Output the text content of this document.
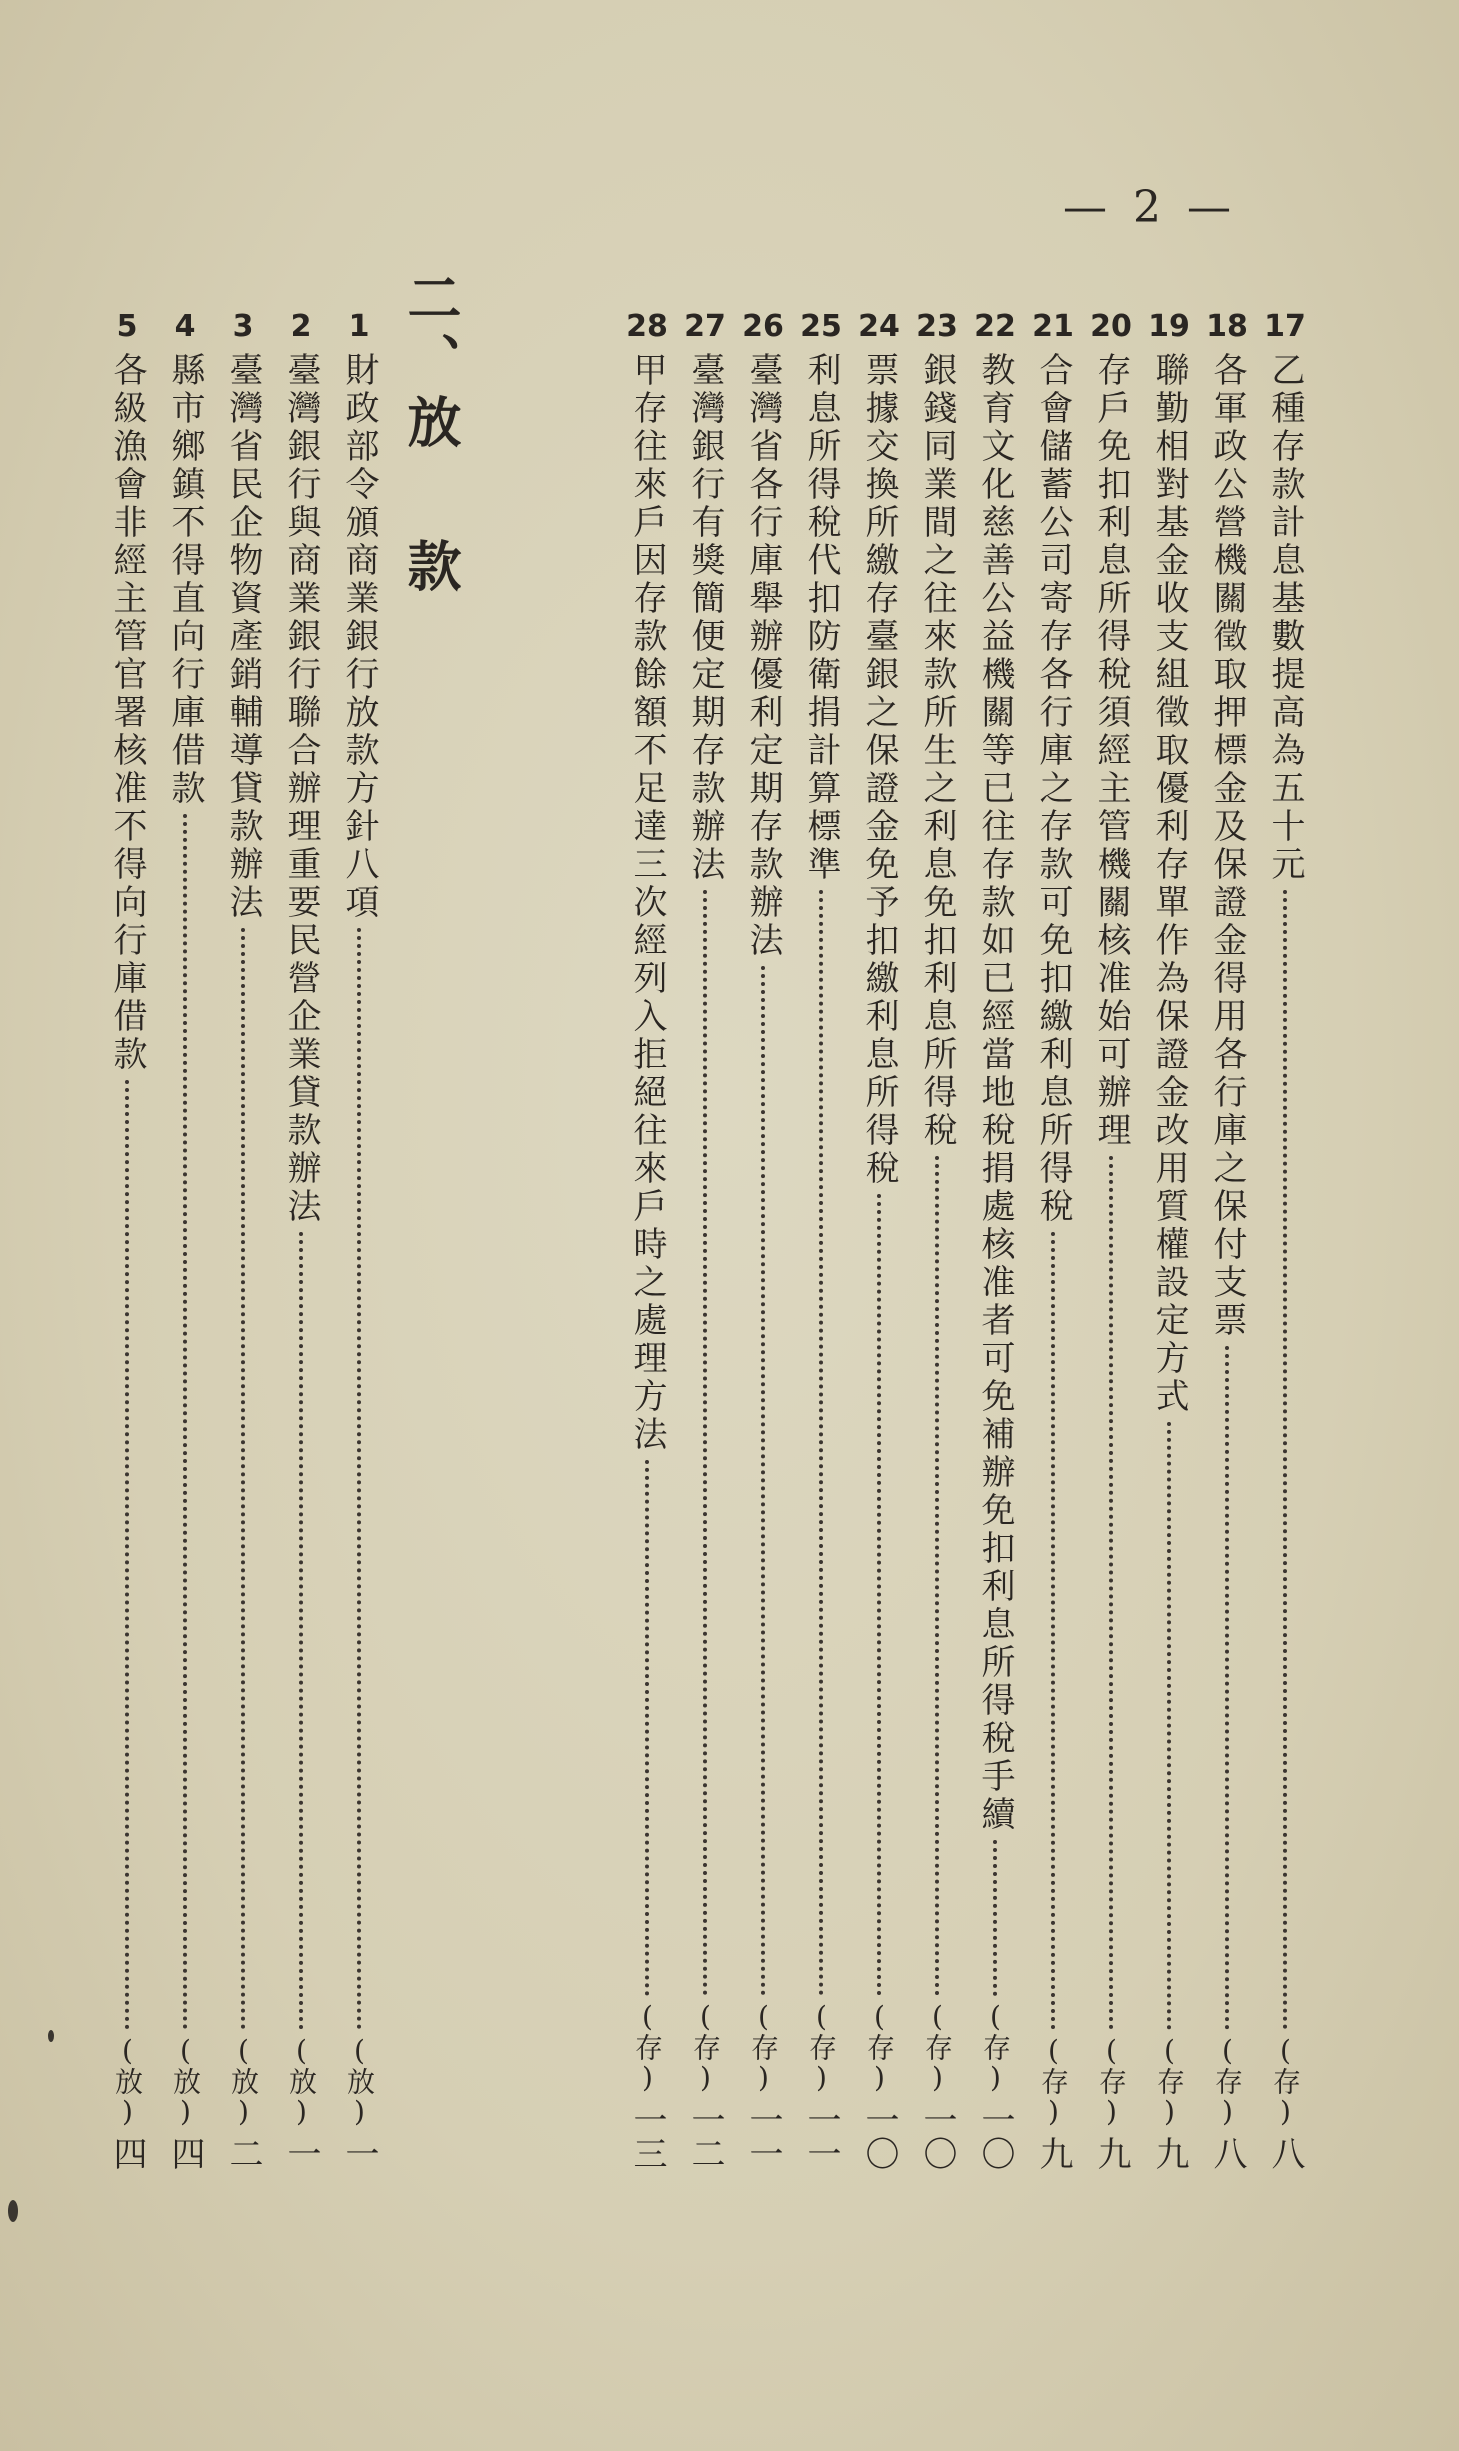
— 2 —
17
乙種存款計息基數提高為五十元
(存)
八
18
各軍政公營機關徵取押標金及保證金得用各行庫之保付支票
(存)
八
19
聯勤相對基金收支組徵取優利存單作為保證金改用質權設定方式
(存)
九
20
存戶免扣利息所得稅須經主管機關核准始可辦理
(存)
九
21
合會儲蓄公司寄存各行庫之存款可免扣繳利息所得稅
(存)
九
22
教育文化慈善公益機關等已往存款如已經當地稅捐處核准者可免補辦免扣利息所得稅手續
(存)
一〇
23
銀錢同業間之往來款所生之利息免扣利息所得稅
(存)
一〇
24
票據交換所繳存臺銀之保證金免予扣繳利息所得稅
(存)
一〇
25
利息所得稅代扣防衛捐計算標準
(存)
一一
26
臺灣省各行庫舉辦優利定期存款辦法
(存)
一一
27
臺灣銀行有獎簡便定期存款辦法
(存)
一二
28
甲存往來戶因存款餘額不足達三次經列入拒絕往來戶時之處理方法
(存)
一三
二、
放款
1
財政部令頒商業銀行放款方針八項
(放)
一
2
臺灣銀行與商業銀行聯合辦理重要民營企業貸款辦法
(放)
一
3
臺灣省民企物資產銷輔導貸款辦法
(放)
二
4
縣市鄉鎮不得直向行庫借款
(放)
四
5
各級漁會非經主管官署核准不得向行庫借款
(放)
四
